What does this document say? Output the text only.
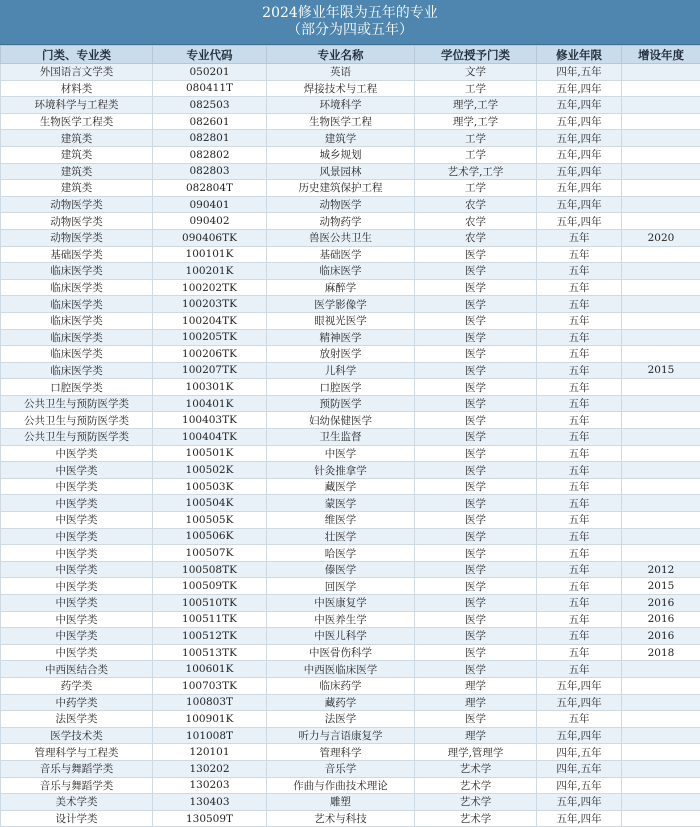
2024修业年限为五年的专业
（部分为四或五年）
门类、专业类	专业代码	专业名称	学位授予门类	修业年限	增设年度
外国语言文学类	050201	英语	文学	四年,五年	
材料类	080411T	焊接技术与工程	工学	五年,四年	
环境科学与工程类	082503	环境科学	理学,工学	五年,四年	
生物医学工程类	082601	生物医学工程	理学,工学	五年,四年	
建筑类	082801	建筑学	工学	五年,四年	
建筑类	082802	城乡规划	工学	五年,四年	
建筑类	082803	风景园林	艺术学,工学	五年,四年	
建筑类	082804T	历史建筑保护工程	工学	五年,四年	
动物医学类	090401	动物医学	农学	五年,四年	
动物医学类	090402	动物药学	农学	五年,四年	
动物医学类	090406TK	兽医公共卫生	农学	五年	2020
基础医学类	100101K	基础医学	医学	五年	
临床医学类	100201K	临床医学	医学	五年	
临床医学类	100202TK	麻醉学	医学	五年	
临床医学类	100203TK	医学影像学	医学	五年	
临床医学类	100204TK	眼视光医学	医学	五年	
临床医学类	100205TK	精神医学	医学	五年	
临床医学类	100206TK	放射医学	医学	五年	
临床医学类	100207TK	儿科学	医学	五年	2015
口腔医学类	100301K	口腔医学	医学	五年	
公共卫生与预防医学类	100401K	预防医学	医学	五年	
公共卫生与预防医学类	100403TK	妇幼保健医学	医学	五年	
公共卫生与预防医学类	100404TK	卫生监督	医学	五年	
中医学类	100501K	中医学	医学	五年	
中医学类	100502K	针灸推拿学	医学	五年	
中医学类	100503K	藏医学	医学	五年	
中医学类	100504K	蒙医学	医学	五年	
中医学类	100505K	维医学	医学	五年	
中医学类	100506K	壮医学	医学	五年	
中医学类	100507K	哈医学	医学	五年	
中医学类	100508TK	傣医学	医学	五年	2012
中医学类	100509TK	回医学	医学	五年	2015
中医学类	100510TK	中医康复学	医学	五年	2016
中医学类	100511TK	中医养生学	医学	五年	2016
中医学类	100512TK	中医儿科学	医学	五年	2016
中医学类	100513TK	中医骨伤科学	医学	五年	2018
中西医结合类	100601K	中西医临床医学	医学	五年	
药学类	100703TK	临床药学	理学	五年,四年	
中药学类	100803T	藏药学	理学	五年,四年	
法医学类	100901K	法医学	医学	五年	
医学技术类	101008T	听力与言语康复学	理学	五年,四年	
管理科学与工程类	120101	管理科学	理学,管理学	四年,五年	
音乐与舞蹈学类	130202	音乐学	艺术学	四年,五年	
音乐与舞蹈学类	130203	作曲与作曲技术理论	艺术学	四年,五年	
美术学类	130403	雕塑	艺术学	五年,四年	
设计学类	130509T	艺术与科技	艺术学	五年,四年	
